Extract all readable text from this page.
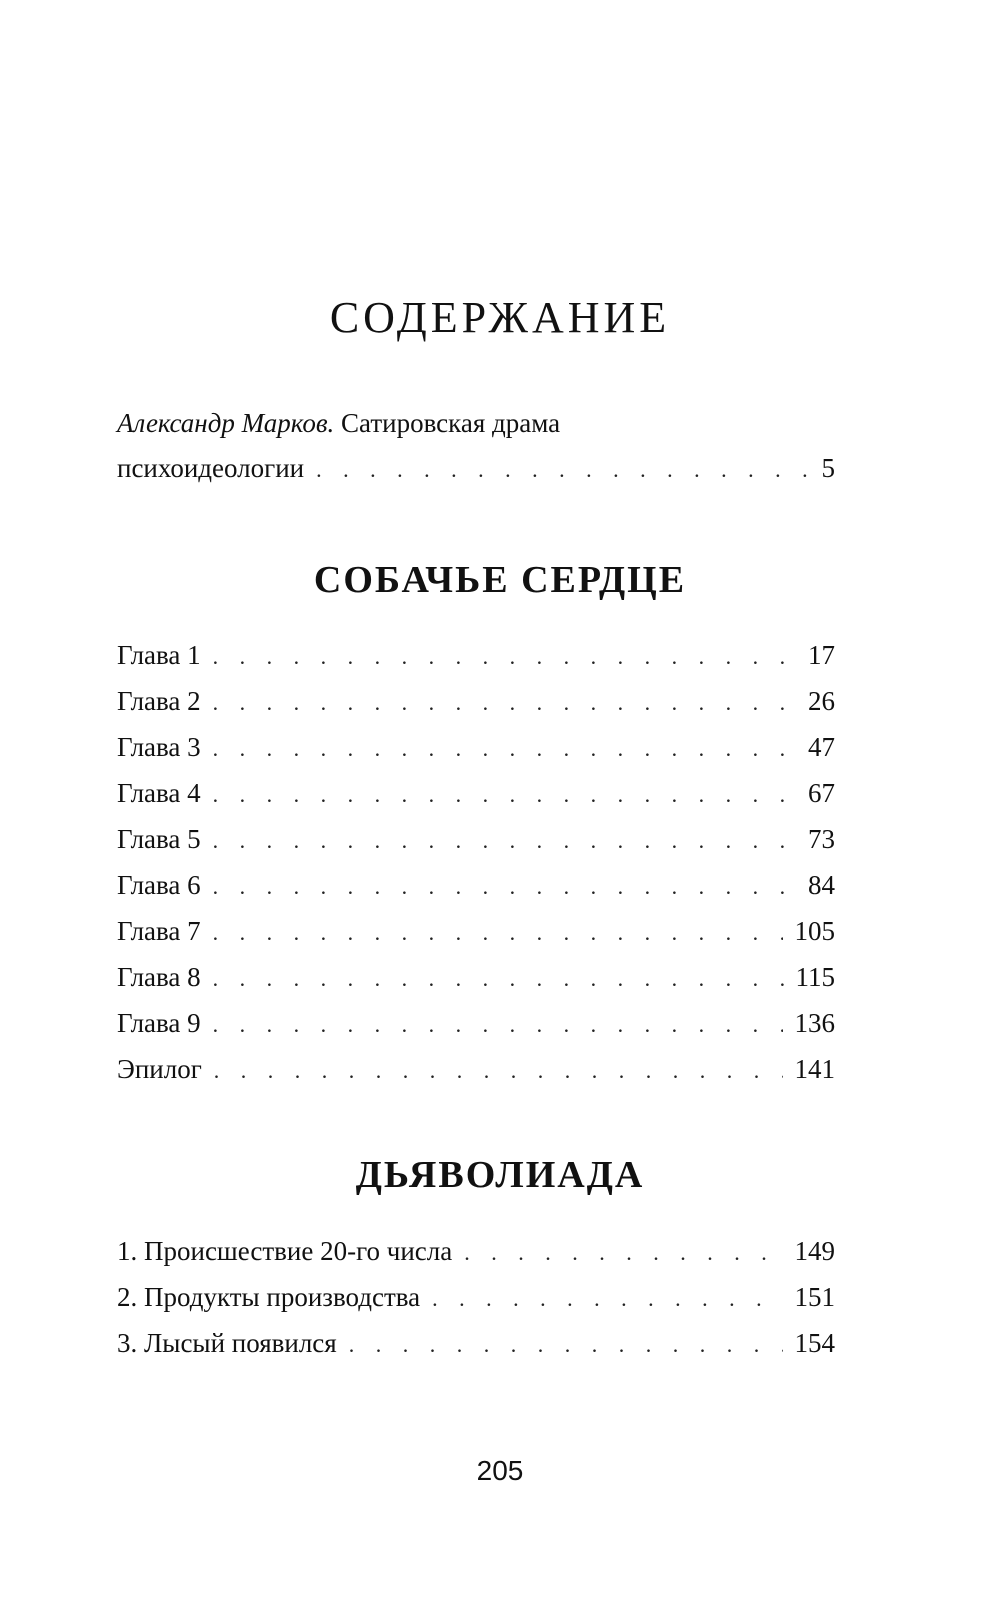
СОДЕРЖАНИЕ
Александр Марков. Сатировская драма
психоидеологии . . .	5
СОБАЧЬЕ СЕРДЦЕ
Глава 1 . . .	17
Глава 2 . . .	26
Глава 3 . . .	47
Глава 4 . . .	67
Глава 5 . . .	73
Глава 6 . . .	84
Глава 7 . . .	105
Глава 8 . . .	115
Глава 9 . . .	136
Эпилог . . .	141
ДЬЯВОЛИАДА
1. Происшествие 20-го числа . . .	149
2. Продукты производства . . .	151
3. Лысый появился . . .	154
205
